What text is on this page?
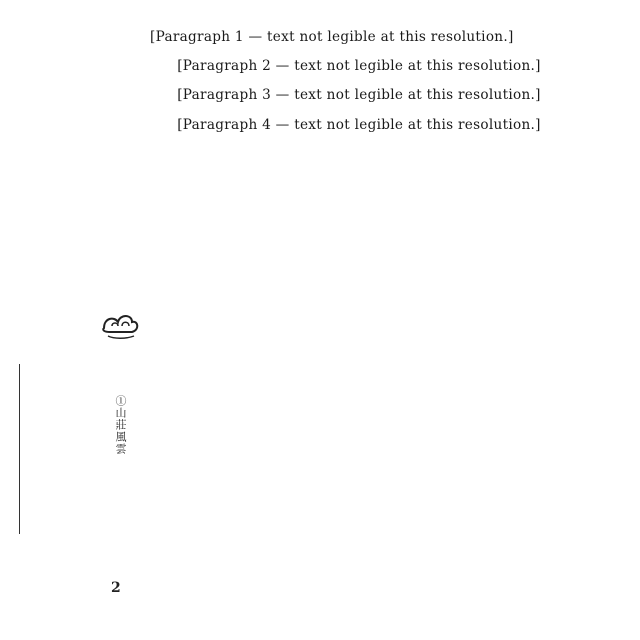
[Paragraph 1 — text not legible at this resolution.]

[Paragraph 2 — text not legible at this resolution.]

[Paragraph 3 — text not legible at this resolution.]

[Paragraph 4 — text not legible at this resolution.]

①山莊風雲
2
